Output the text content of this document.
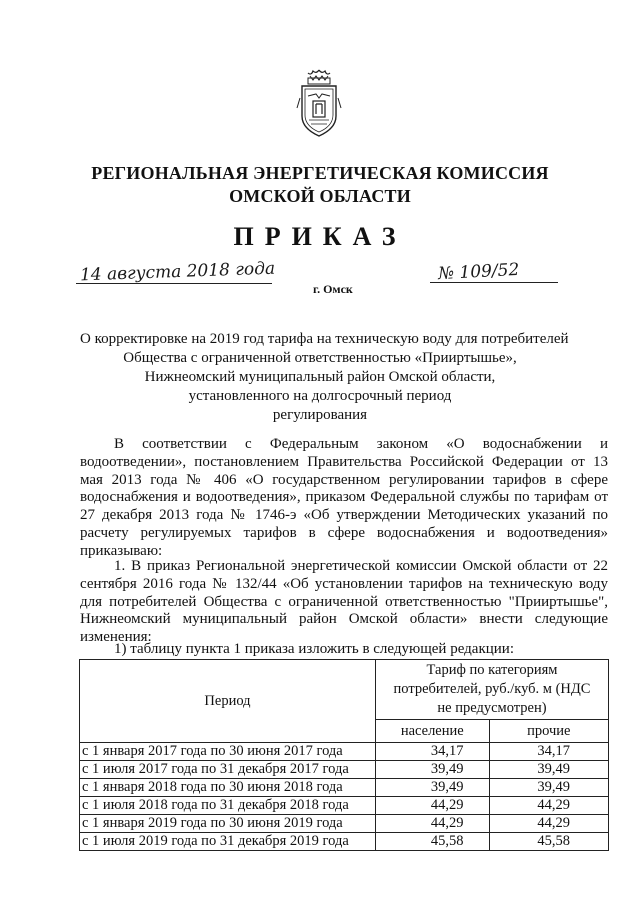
РЕГИОНАЛЬНАЯ ЭНЕРГЕТИЧЕСКАЯ КОМИССИЯ
ОМСКОЙ ОБЛАСТИ
ПРИКАЗ
14 августа 2018 года	№ 109/52
г. Омск
О корректировке на 2019 год тарифа на техническую воду для потребителей
Общества с ограниченной ответственностью «Прииртышье»,
Нижнеомский муниципальный район Омской области,
установленного на долгосрочный период
регулирования
В соответствии с Федеральным законом «О водоснабжении и водоотведении», постановлением Правительства Российской Федерации от 13 мая 2013 года № 406 «О государственном регулировании тарифов в сфере водоснабжения и водоотведения», приказом Федеральной службы по тарифам от 27 декабря 2013 года № 1746-э «Об утверждении Методических указаний по расчету регулируемых тарифов в сфере водоснабжения и водоотведения» приказываю:
1. В приказ Региональной энергетической комиссии Омской области от 22 сентября 2016 года № 132/44 «Об установлении тарифов на техническую воду для потребителей Общества с ограниченной ответственностью "Прииртышье", Нижнеомский муниципальный район Омской области» внести следующие изменения:
1) таблицу пункта 1 приказа изложить в следующей редакции:
Период	Тариф по категориям потребителей, руб./куб. м (НДС не предусмотрен)	
	население	прочие
с 1 января 2017 года по 30 июня 2017 года	34,17	34,17
с 1 июля 2017 года по 31 декабря 2017 года	39,49	39,49
с 1 января 2018 года по 30 июня 2018 года	39,49	39,49
с 1 июля 2018 года по 31 декабря 2018 года	44,29	44,29
с 1 января 2019 года по 30 июня 2019 года	44,29	44,29
с 1 июля 2019 года по 31 декабря 2019 года	45,58	45,58
